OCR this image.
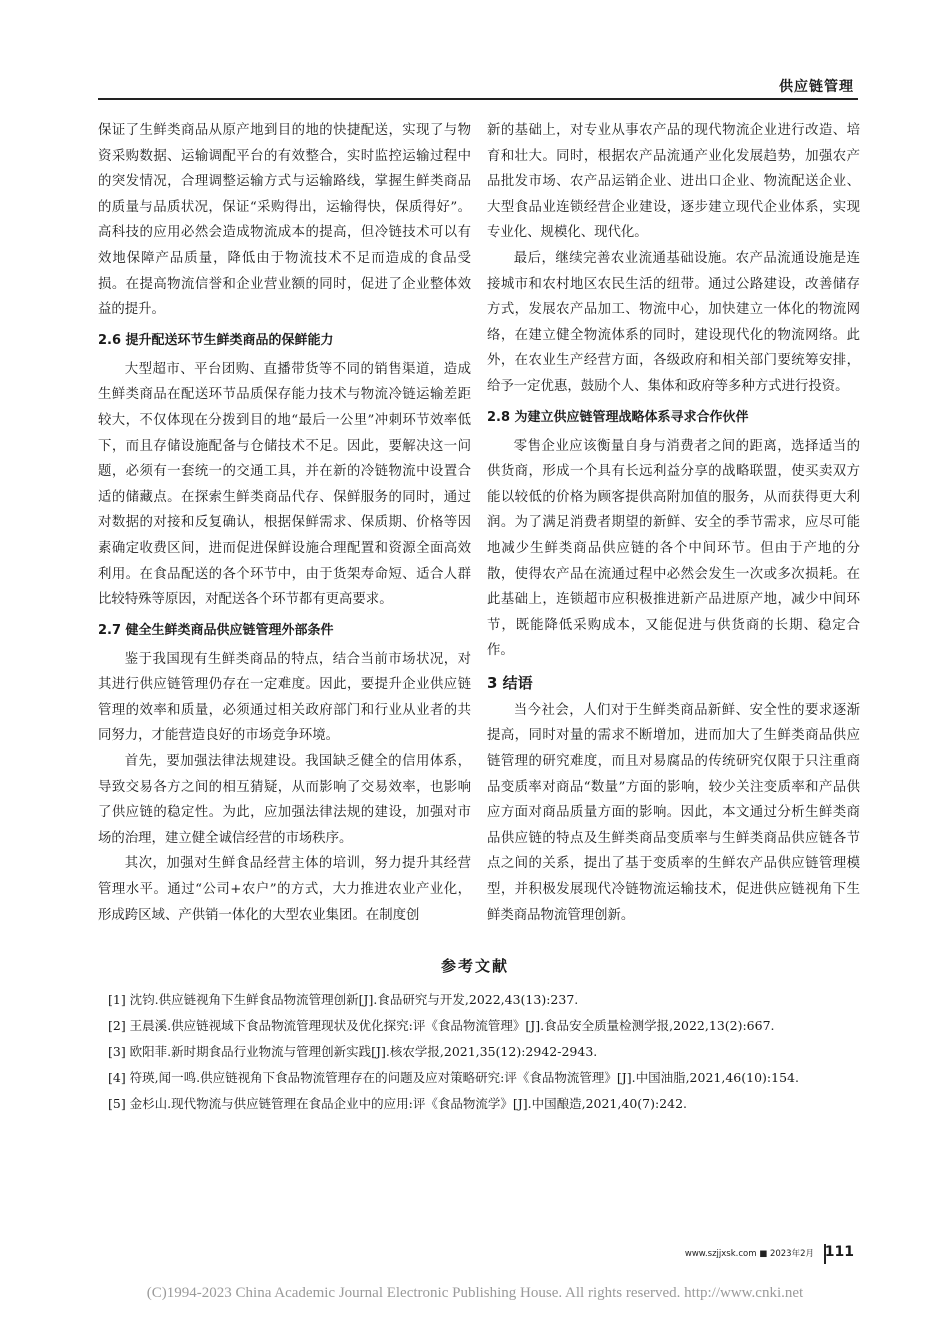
供应链管理

保证了生鲜类商品从原产地到目的地的快捷配送，实现了与物资采购数据、运输调配平台的有效整合，实时监控运输过程中的突发情况，合理调整运输方式与运输路线，掌握生鲜类商品的质量与品质状况，保证“采购得出，运输得快，保质得好”。高科技的应用必然会造成物流成本的提高，但冷链技术可以有效地保障产品质量，降低由于物流技术不足而造成的食品受损。在提高物流信誉和企业营业额的同时，促进了企业整体效益的提升。

2.6 提升配送环节生鲜类商品的保鲜能力

大型超市、平台团购、直播带货等不同的销售渠道，造成生鲜类商品在配送环节品质保存能力技术与物流冷链运输差距较大，不仅体现在分拨到目的地“最后一公里”冲刺环节效率低下，而且存储设施配备与仓储技术不足。因此，要解决这一问题，必须有一套统一的交通工具，并在新的冷链物流中设置合适的储藏点。在探索生鲜类商品代存、保鲜服务的同时，通过对数据的对接和反复确认，根据保鲜需求、保质期、价格等因素确定收费区间，进而促进保鲜设施合理配置和资源全面高效利用。在食品配送的各个环节中，由于货架寿命短、适合人群比较特殊等原因，对配送各个环节都有更高要求。

2.7 健全生鲜类商品供应链管理外部条件

鉴于我国现有生鲜类商品的特点，结合当前市场状况，对其进行供应链管理仍存在一定难度。因此，要提升企业供应链管理的效率和质量，必须通过相关政府部门和行业从业者的共同努力，才能营造良好的市场竞争环境。

首先，要加强法律法规建设。我国缺乏健全的信用体系，导致交易各方之间的相互猜疑，从而影响了交易效率，也影响了供应链的稳定性。为此，应加强法律法规的建设，加强对市场的治理，建立健全诚信经营的市场秩序。

其次，加强对生鲜食品经营主体的培训，努力提升其经营管理水平。通过“公司+农户”的方式，大力推进农业产业化，形成跨区域、产供销一体化的大型农业集团。在制度创

新的基础上，对专业从事农产品的现代物流企业进行改造、培育和壮大。同时，根据农产品流通产业化发展趋势，加强农产品批发市场、农产品运销企业、进出口企业、物流配送企业、大型食品业连锁经营企业建设，逐步建立现代企业体系，实现专业化、规模化、现代化。

最后，继续完善农业流通基础设施。农产品流通设施是连接城市和农村地区农民生活的纽带。通过公路建设，改善储存方式，发展农产品加工、物流中心，加快建立一体化的物流网络，在建立健全物流体系的同时，建设现代化的物流网络。此外，在农业生产经营方面，各级政府和相关部门要统筹安排，给予一定优惠，鼓励个人、集体和政府等多种方式进行投资。

2.8 为建立供应链管理战略体系寻求合作伙伴

零售企业应该衡量自身与消费者之间的距离，选择适当的供货商，形成一个具有长远利益分享的战略联盟，使买卖双方能以较低的价格为顾客提供高附加值的服务，从而获得更大利润。为了满足消费者期望的新鲜、安全的季节需求，应尽可能地减少生鲜类商品供应链的各个中间环节。但由于产地的分散，使得农产品在流通过程中必然会发生一次或多次损耗。在此基础上，连锁超市应积极推进新产品进原产地，减少中间环节，既能降低采购成本，又能促进与供货商的长期、稳定合作。

3 结语

当今社会，人们对于生鲜类商品新鲜、安全性的要求逐渐提高，同时对量的需求不断增加，进而加大了生鲜类商品供应链管理的研究难度，而且对易腐品的传统研究仅限于只注重商品变质率对商品“数量”方面的影响，较少关注变质率和产品供应方面对商品质量方面的影响。因此，本文通过分析生鲜类商品供应链的特点及生鲜类商品变质率与生鲜类商品供应链各节点之间的关系，提出了基于变质率的生鲜农产品供应链管理模型，并积极发展现代冷链物流运输技术，促进供应链视角下生鲜类商品物流管理创新。

参考文献

[1] 沈钧.供应链视角下生鲜食品物流管理创新[J].食品研究与开发,2022,43(13):237.

[2] 王晨溪.供应链视域下食品物流管理现状及优化探究:评《食品物流管理》[J].食品安全质量检测学报,2022,13(2):667.

[3] 欧阳菲.新时期食品行业物流与管理创新实践[J].核农学报,2021,35(12):2942-2943.

[4] 符瑛,闻一鸣.供应链视角下食品物流管理存在的问题及应对策略研究:评《食品物流管理》[J].中国油脂,2021,46(10):154.

[5] 金杉山.现代物流与供应链管理在食品企业中的应用:评《食品物流学》[J].中国酿造,2021,40(7):242.

www.szjjxsk.com ■ 2023年2月 111
(C)1994-2023 China Academic Journal Electronic Publishing House. All rights reserved. http://www.cnki.net
